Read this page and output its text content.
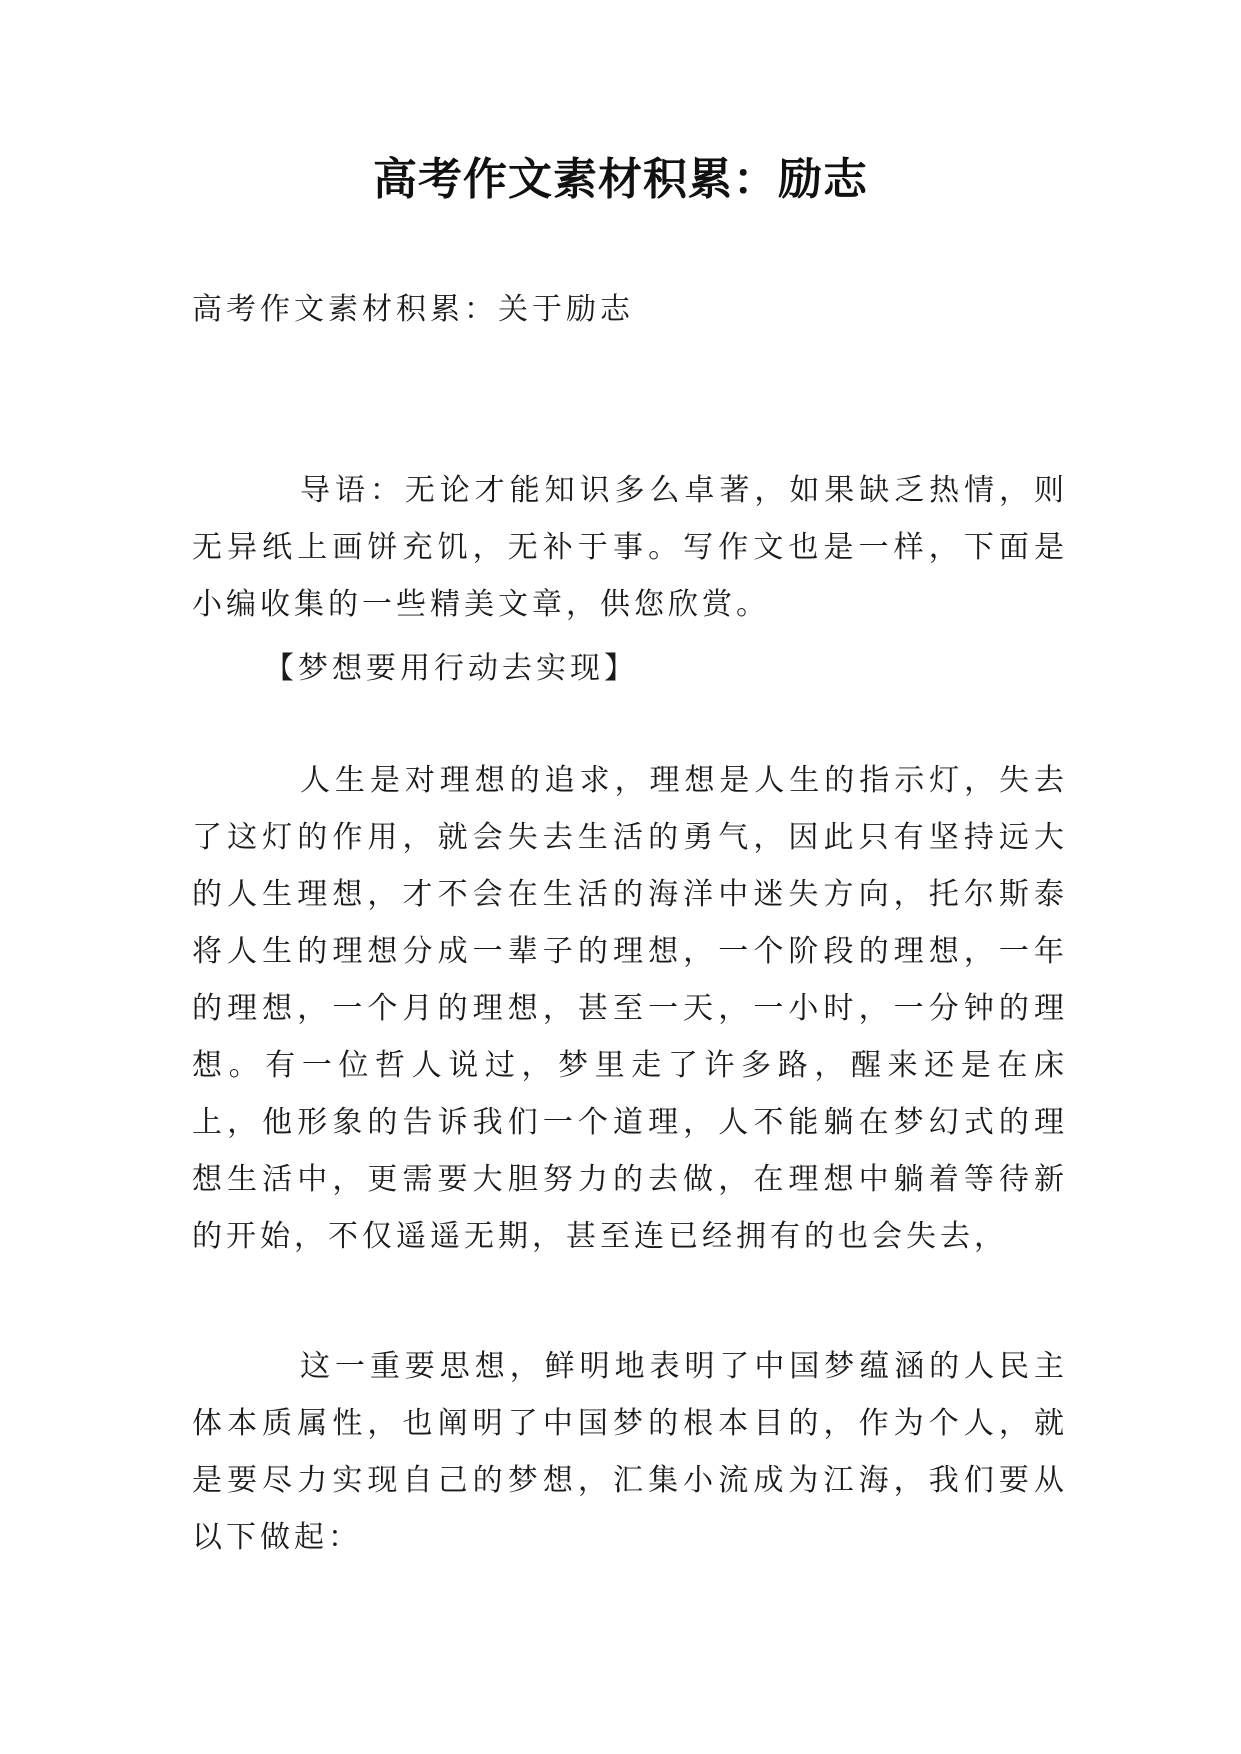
高考作文素材积累：励志
高考作文素材积累：关于励志

导语：无论才能知识多么卓著，如果缺乏热情，则无异纸上画饼充饥，无补于事。写作文也是一样，下面是小编收集的一些精美文章，供您欣赏。

【梦想要用行动去实现】

人生是对理想的追求，理想是人生的指示灯，失去了这灯的作用，就会失去生活的勇气，因此只有坚持远大的人生理想，才不会在生活的海洋中迷失方向，托尔斯泰将人生的理想分成一辈子的理想，一个阶段的理想，一年的理想，一个月的理想，甚至一天，一小时，一分钟的理想。有一位哲人说过，梦里走了许多路，醒来还是在床上，他形象的告诉我们一个道理，人不能躺在梦幻式的理想生活中，更需要大胆努力的去做，在理想中躺着等待新的开始，不仅遥遥无期，甚至连已经拥有的也会失去，

这一重要思想，鲜明地表明了中国梦蕴涵的人民主体本质属性，也阐明了中国梦的根本目的，作为个人，就是要尽力实现自己的梦想，汇集小流成为江海，我们要从以下做起：
